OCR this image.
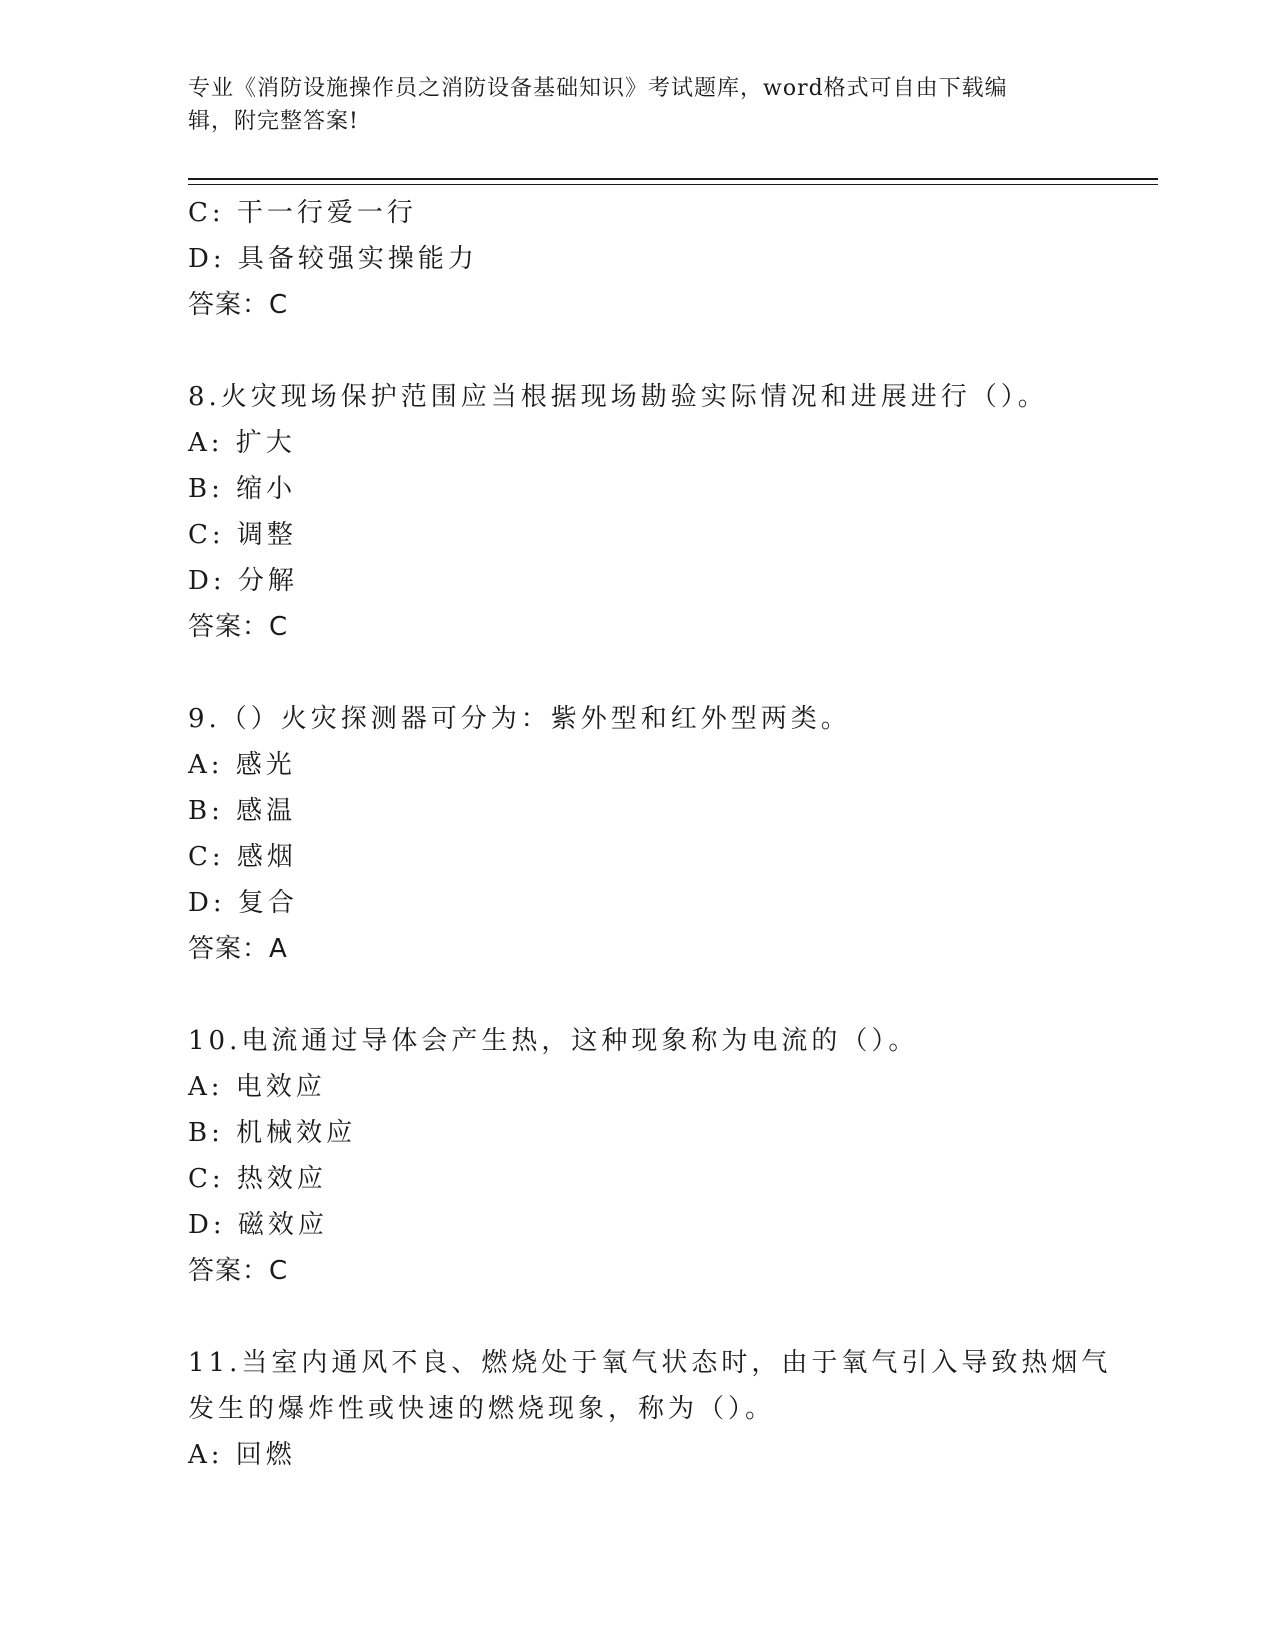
专业《消防设施操作员之消防设备基础知识》考试题库，word格式可自由下载编
辑，附完整答案!
C: 干一行爱一行
D: 具备较强实操能力
答案：C
8.火灾现场保护范围应当根据现场勘验实际情况和进展进行（）。
A: 扩大
B: 缩小
C: 调整
D: 分解
答案：C
9.（）火灾探测器可分为：紫外型和红外型两类。
A: 感光
B: 感温
C: 感烟
D: 复合
答案：A
10.电流通过导体会产生热，这种现象称为电流的（）。
A: 电效应
B: 机械效应
C: 热效应
D: 磁效应
答案：C
11.当室内通风不良、燃烧处于氧气状态时，由于氧气引入导致热烟气
发生的爆炸性或快速的燃烧现象，称为（）。
A: 回燃
